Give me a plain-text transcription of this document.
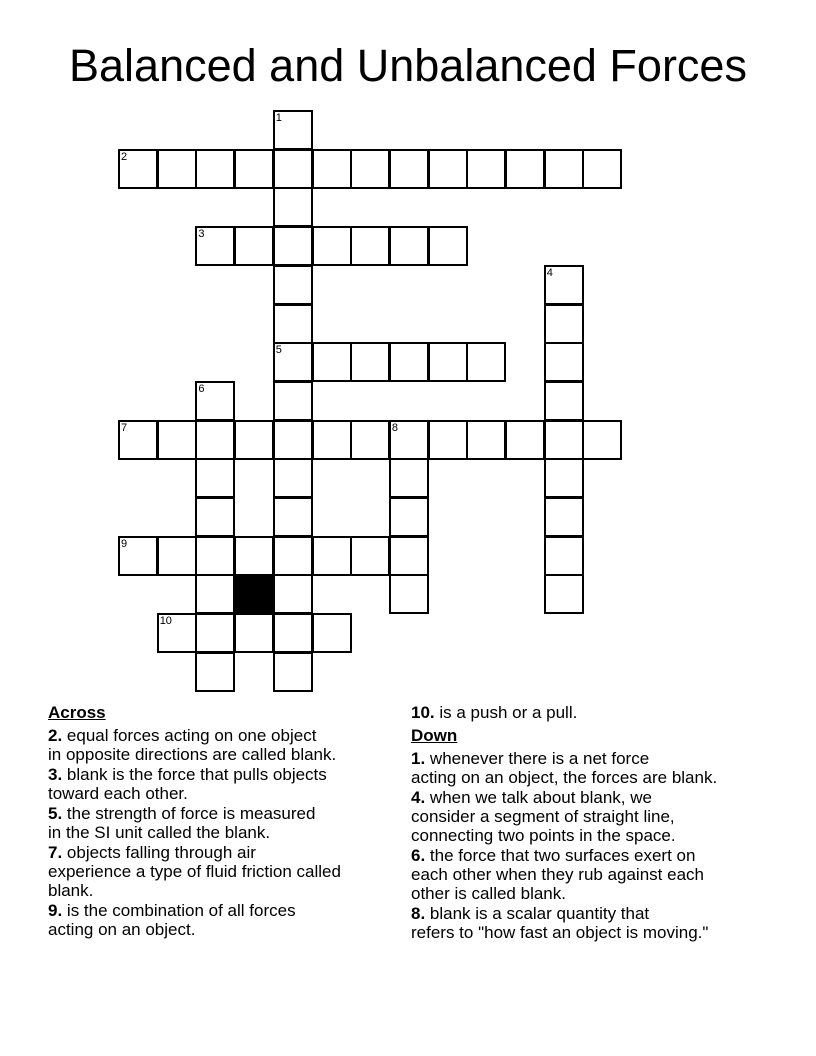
Balanced and Unbalanced Forces
1
2
3
4
5
6
7	8
9
10
Across
2. equal forces acting on one object
in opposite directions are called blank.
3. blank is the force that pulls objects
toward each other.
5. the strength of force is measured
in the SI unit called the blank.
7. objects falling through air
experience a type of fluid friction called
blank.
9. is the combination of all forces
acting on an object.
10. is a push or a pull.
Down
1. whenever there is a net force
acting on an object, the forces are blank.
4. when we talk about blank, we
consider a segment of straight line,
connecting two points in the space.
6. the force that two surfaces exert on
each other when they rub against each
other is called blank.
8. blank is a scalar quantity that
refers to "how fast an object is moving."
